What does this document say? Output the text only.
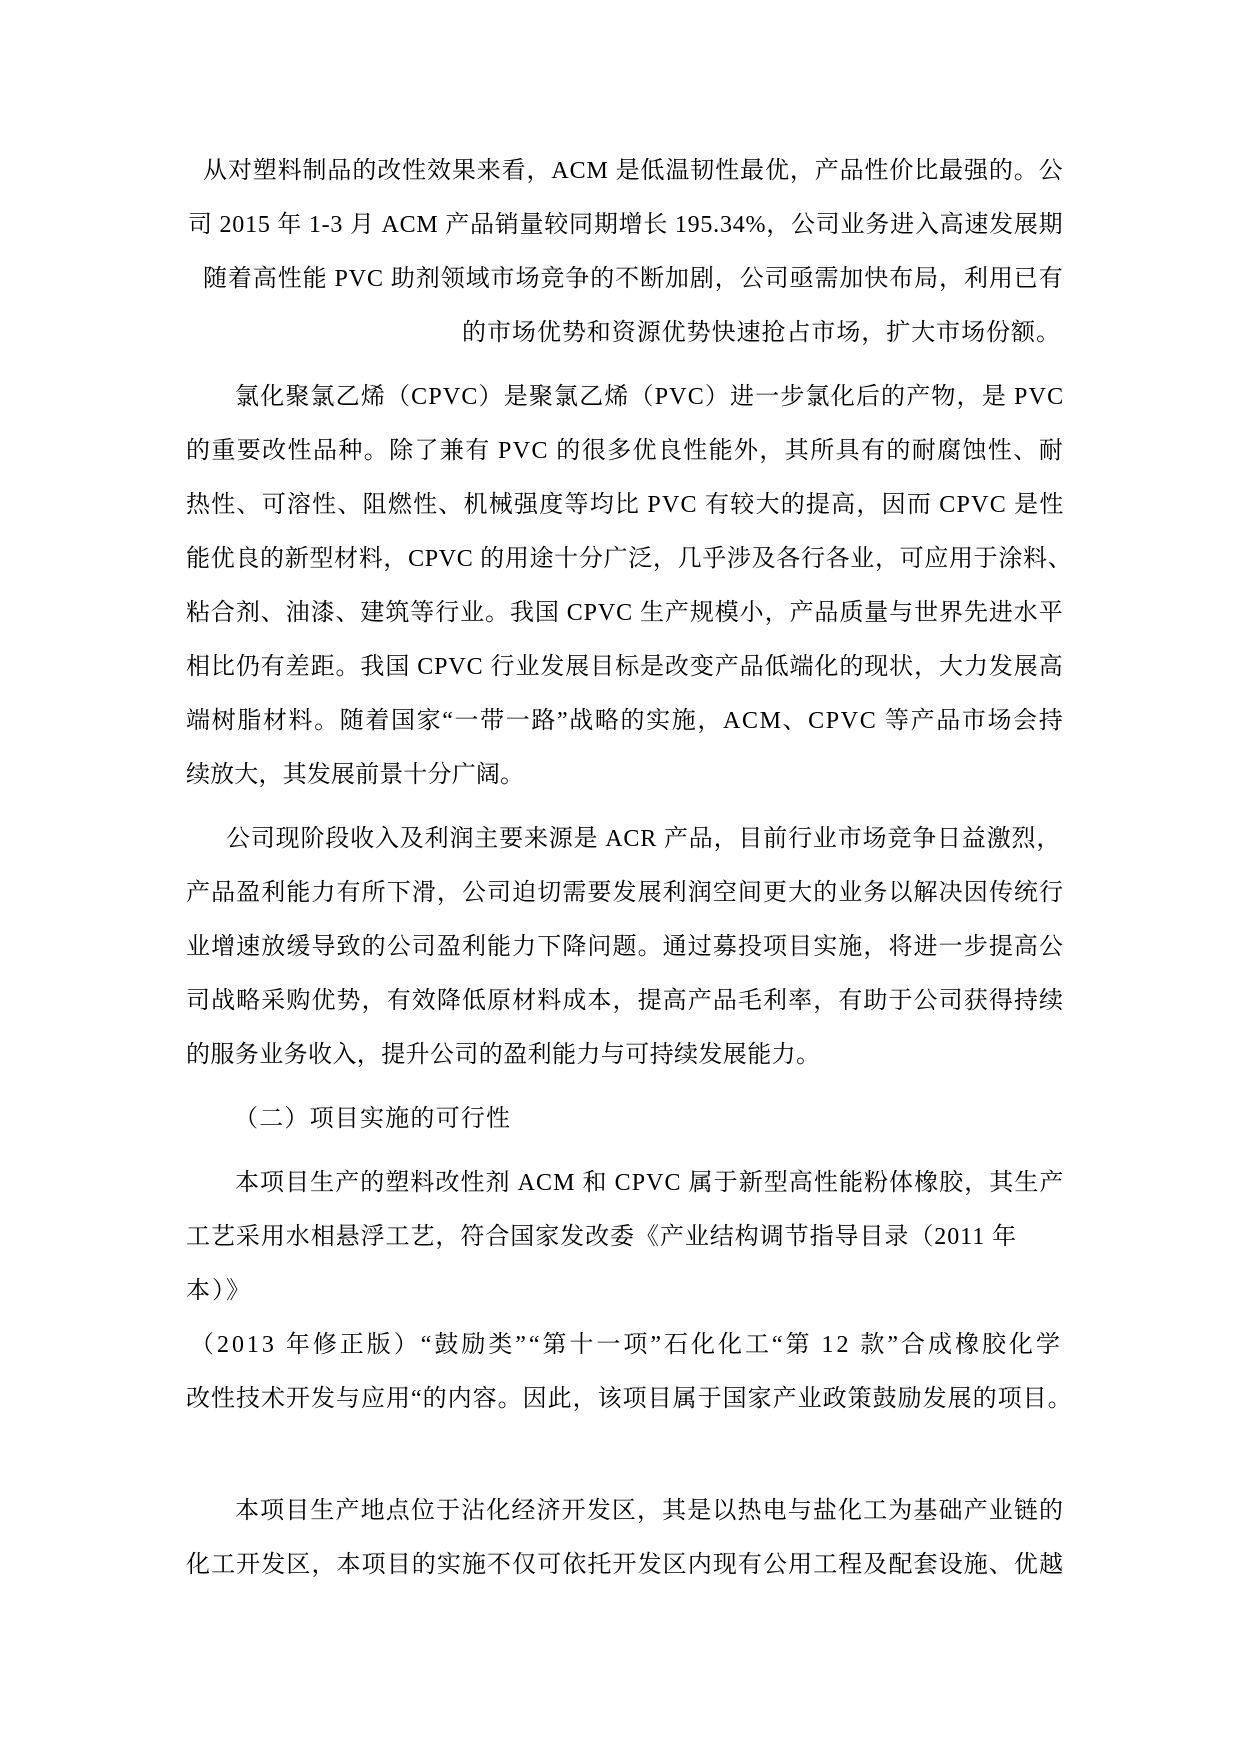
从对塑料制品的改性效果来看，ACM 是低温韧性最优，产品性价比最强的。公
司 2015 年 1-3 月 ACM 产品销量较同期增长 195.34%，公司业务进入高速发展期
随着高性能 PVC 助剂领域市场竞争的不断加剧，公司亟需加快布局，利用已有
的市场优势和资源优势快速抢占市场，扩大市场份额。
氯化聚氯乙烯（CPVC）是聚氯乙烯（PVC）进一步氯化后的产物，是 PVC
的重要改性品种。除了兼有 PVC 的很多优良性能外，其所具有的耐腐蚀性、耐
热性、可溶性、阻燃性、机械强度等均比 PVC 有较大的提高，因而 CPVC 是性
能优良的新型材料，CPVC 的用途十分广泛，几乎涉及各行各业，可应用于涂料、
粘合剂、油漆、建筑等行业。我国 CPVC 生产规模小，产品质量与世界先进水平
相比仍有差距。我国 CPVC 行业发展目标是改变产品低端化的现状，大力发展高
端树脂材料。随着国家“一带一路”战略的实施，ACM、CPVC 等产品市场会持
续放大，其发展前景十分广阔。
公司现阶段收入及利润主要来源是 ACR 产品，目前行业市场竞争日益激烈，
产品盈利能力有所下滑，公司迫切需要发展利润空间更大的业务以解决因传统行
业增速放缓导致的公司盈利能力下降问题。通过募投项目实施，将进一步提高公
司战略采购优势，有效降低原材料成本，提高产品毛利率，有助于公司获得持续
的服务业务收入，提升公司的盈利能力与可持续发展能力。
（二）项目实施的可行性
本项目生产的塑料改性剂 ACM 和 CPVC 属于新型高性能粉体橡胶，其生产
工艺采用水相悬浮工艺，符合国家发改委《产业结构调节指导目录（2011 年
本）》
（2013 年修正版）“鼓励类”“第十一项”石化化工“第 12 款”合成橡胶化学
改性技术开发与应用“的内容。因此，该项目属于国家产业政策鼓励发展的项目。
本项目生产地点位于沾化经济开发区，其是以热电与盐化工为基础产业链的
化工开发区，本项目的实施不仅可依托开发区内现有公用工程及配套设施、优越
